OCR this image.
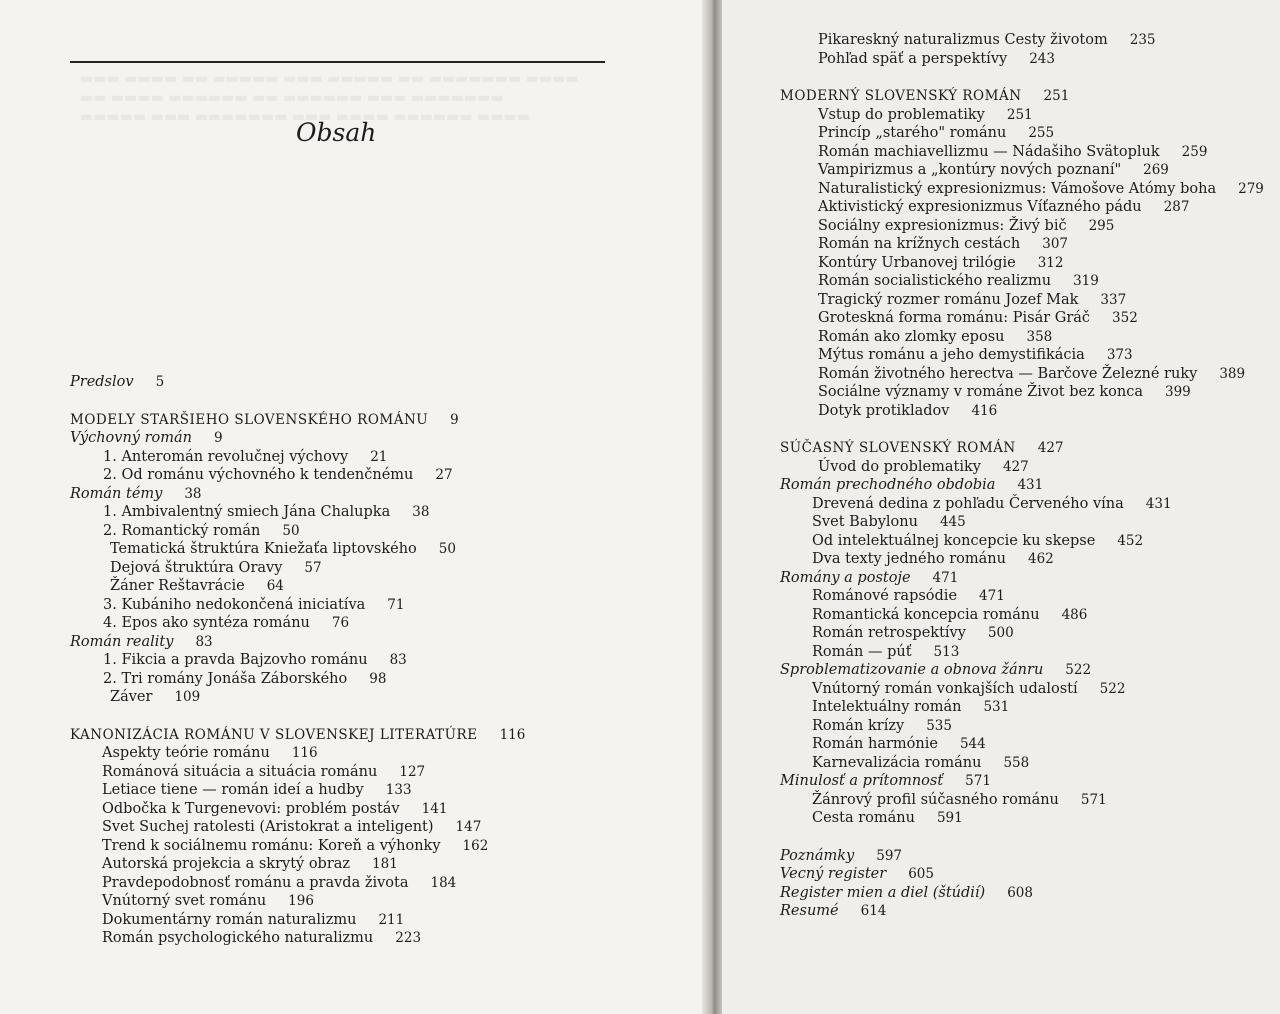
▬▬▬ ▬▬▬▬ ▬▬ ▬▬▬▬▬ ▬▬▬ ▬▬▬▬▬ ▬▬ ▬▬▬▬▬▬▬ ▬▬▬▬
▬▬ ▬▬▬▬ ▬▬▬▬▬▬ ▬▬ ▬▬▬▬▬▬ ▬▬▬ ▬▬▬▬▬▬▬
▬▬▬▬▬ ▬▬▬ ▬▬▬▬▬▬▬ ▬▬▬ ▬▬▬▬ ▬▬▬▬▬▬ ▬▬▬▬
Obsah
Predslov 5
MODELY STARŠIEHO SLOVENSKÉHO ROMÁNU 9
Výchovný román 9
1. Anteromán revolučnej výchovy 21
2. Od románu výchovného k tendenčnému 27
Román témy 38
1. Ambivalentný smiech Jána Chalupka 38
2. Romantický román 50
Tematická štruktúra Kniežaťa liptovského 50
Dejová štruktúra Oravy 57
Žáner Reštavrácie 64
3. Kubániho nedokončená iniciatíva 71
4. Epos ako syntéza románu 76
Román reality 83
1. Fikcia a pravda Bajzovho románu 83
2. Tri romány Jonáša Záborského 98
Záver 109
KANONIZÁCIA ROMÁNU V SLOVENSKEJ LITERATÚRE 116
Aspekty teórie románu 116
Románová situácia a situácia románu 127
Letiace tiene — román ideí a hudby 133
Odbočka k Turgenevovi: problém postáv 141
Svet Suchej ratolesti (Aristokrat a inteligent) 147
Trend k sociálnemu románu: Koreň a výhonky 162
Autorská projekcia a skrytý obraz 181
Pravdepodobnosť románu a pravda života 184
Vnútorný svet románu 196
Dokumentárny román naturalizmu 211
Román psychologického naturalizmu 223
Pikareskný naturalizmus Cesty životom 235
Pohľad späť a perspektívy 243
MODERNÝ SLOVENSKÝ ROMÁN 251
Vstup do problematiky 251
Princíp „starého" románu 255
Román machiavellizmu — Nádašiho Svätopluk 259
Vampirizmus a „kontúry nových poznaní" 269
Naturalistický expresionizmus: Vámošove Atómy boha 279
Aktivistický expresionizmus Víťazného pádu 287
Sociálny expresionizmus: Živý bič 295
Román na krížnych cestách 307
Kontúry Urbanovej trilógie 312
Román socialistického realizmu 319
Tragický rozmer románu Jozef Mak 337
Groteskná forma románu: Pisár Gráč 352
Román ako zlomky eposu 358
Mýtus románu a jeho demystifikácia 373
Román životného herectva — Barčove Železné ruky 389
Sociálne významy v románe Život bez konca 399
Dotyk protikladov 416
SÚČASNÝ SLOVENSKÝ ROMÁN 427
Úvod do problematiky 427
Román prechodného obdobia 431
Drevená dedina z pohľadu Červeného vína 431
Svet Babylonu 445
Od intelektuálnej koncepcie ku skepse 452
Dva texty jedného románu 462
Romány a postoje 471
Románové rapsódie 471
Romantická koncepcia románu 486
Román retrospektívy 500
Román — púť 513
Sproblematizovanie a obnova žánru 522
Vnútorný román vonkajších udalostí 522
Intelektuálny román 531
Román krízy 535
Román harmónie 544
Karnevalizácia románu 558
Minulosť a prítomnosť 571
Žánrový profil súčasného románu 571
Cesta románu 591
Poznámky 597
Vecný register 605
Register mien a diel (štúdií) 608
Resumé 614
